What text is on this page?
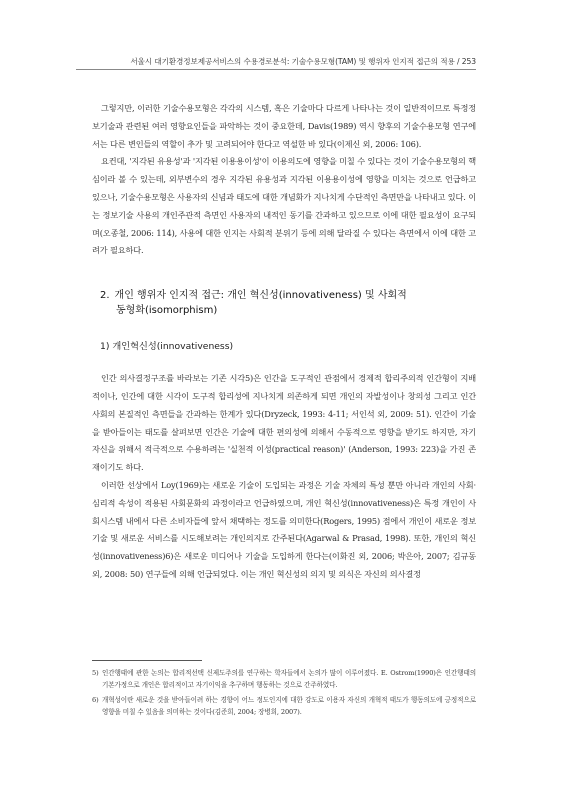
서울시 대기환경정보제공서비스의 수용경로분석: 기술수용모형(TAM) 및 행위자 인지적 접근의 적용 / 253

그렇지만, 이러한 기술수용모형은 각각의 시스템, 혹은 기술마다 다르게 나타나는 것이 일반적이므로 특정정보기술과 관련된 여러 영향요인들을 파악하는 것이 중요한데, Davis(1989) 역시 향후의 기술수용모형 연구에서는 다른 변인들의 역할이 추가 및 고려되어야 한다고 역설한 바 있다(이제신 외, 2006: 106).

요컨대, '지각된 유용성'과 '지각된 이용용이성'이 이용의도에 영향을 미칠 수 있다는 것이 기술수용모형의 핵심이라 볼 수 있는데, 외부변수의 경우 지각된 유용성과 지각된 이용용이성에 영향을 미치는 것으로 언급하고 있으나, 기술수용모형은 사용자의 신념과 태도에 대한 개념화가 지나치게 수단적인 측면만을 나타내고 있다. 이는 정보기술 사용의 개인주관적 측면인 사용자의 내적인 동기를 간과하고 있으므로 이에 대한 필요성이 요구되며(오종철, 2006: 114), 사용에 대한 인지는 사회적 분위기 등에 의해 달라질 수 있다는 측면에서 이에 대한 고려가 필요하다.

2. 개인 행위자 인지적 접근: 개인 혁신성(innovativeness) 및 사회적
동형화(isomorphism)
1) 개인혁신성(innovativeness)

인간 의사결정구조를 바라보는 기존 시각5)은 인간을 도구적인 관점에서 경제적 합리주의적 인간형이 지배적이나, 인간에 대한 시각이 도구적 합리성에 지나치게 의존하게 되면 개인의 자발성이나 창의성 그리고 인간 사회의 본질적인 측면들을 간과하는 한계가 있다(Dryzeck, 1993: 4-11; 서인석 외, 2009: 51). 인간이 기술을 받아들이는 태도를 살펴보면 인간은 기술에 대한 편의성에 의해서 수동적으로 영향을 받기도 하지만, 자기 자신을 위해서 적극적으로 수용하려는 '실천적 이성(practical reason)' (Anderson, 1993: 223)을 가진 존재이기도 하다.

이러한 선상에서 Loy(1969)는 새로운 기술이 도입되는 과정은 기술 자체의 특성 뿐만 아니라 개인의 사회·심리적 속성이 적용된 사회문화의 과정이라고 언급하였으며, 개인 혁신성(innovativeness)은 특정 개인이 사회시스템 내에서 다른 소비자들에 앞서 채택하는 정도를 의미한다(Rogers, 1995) 점에서 개인이 새로운 정보기술 및 새로운 서비스를 시도해보려는 개인의지로 간주된다(Agarwal & Prasad, 1998). 또한, 개인의 혁신성(innovativeness)6)은 새로운 미디어나 기술을 도입하게 한다는(이화진 외, 2006; 박은아, 2007; 김규동 외, 2008: 50) 연구들에 의해 언급되었다. 이는 개인 혁신성의 의지 및 의식은 자신의 의사결정

5) 인간행태에 관한 논의는 합리적선택 신제도주의를 연구하는 학자들에서 논의가 많이 이루어졌다. E. Ostrom(1990)은 인간행태의 기본가정으로 개인은 합리적이고 자기이익을 추구하며 행동하는 것으로 간주하였다.
6) 개혁성이란 새로운 것을 받아들이려 하는 경향이 어느 정도인지에 대한 강도로 이용자 자신의 개혁적 태도가 행동의도에 긍정적으로 영향을 미칠 수 있음을 의미하는 것이다(김준희, 2004; 장병희, 2007).
